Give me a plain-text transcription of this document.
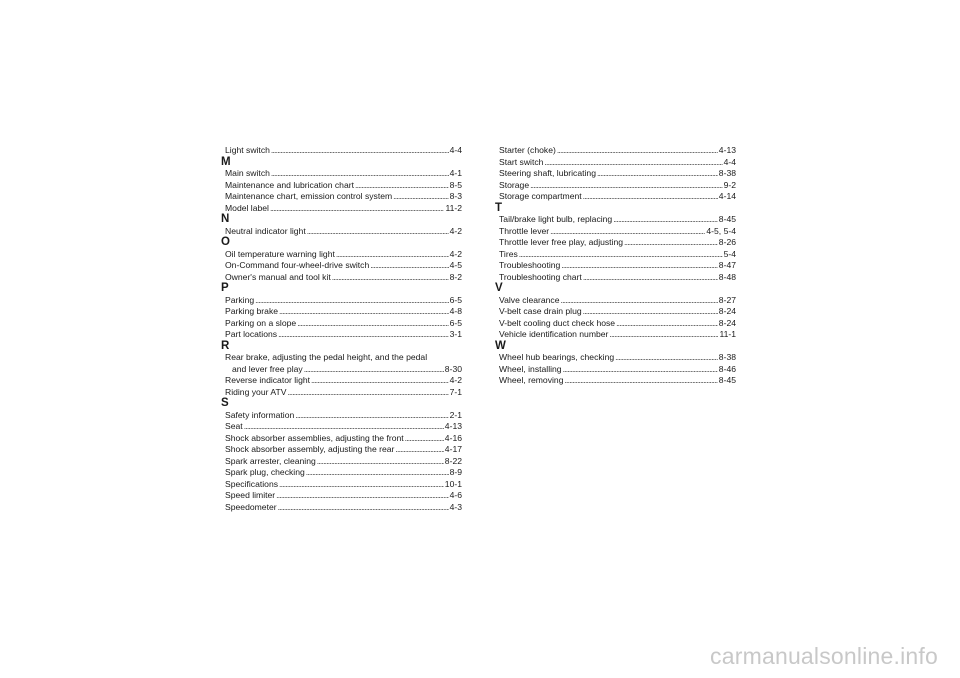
Light switch . . .	4-4
M
Main switch . . .	4-1
Maintenance and lubrication chart . . .	8-5
Maintenance chart, emission control system . . .	8-3
Model label . . .	11-2
N
Neutral indicator light . . .	4-2
O
Oil temperature warning light . . .	4-2
On-Command four-wheel-drive switch . . .	4-5
Owner's manual and tool kit . . .	8-2
P
Parking . . .	6-5
Parking brake . . .	4-8
Parking on a slope . . .	6-5
Part locations . . .	3-1
R
Rear brake, adjusting the pedal height, and the pedal
and lever free play . . .	8-30
Reverse indicator light . . .	4-2
Riding your ATV . . .	7-1
S
Safety information . . .	2-1
Seat . . .	4-13
Shock absorber assemblies, adjusting the front . . .	4-16
Shock absorber assembly, adjusting the rear . . .	4-17
Spark arrester, cleaning . . .	8-22
Spark plug, checking . . .	8-9
Specifications . . .	10-1
Speed limiter . . .	4-6
Speedometer . . .	4-3
Starter (choke) . . .	4-13
Start switch . . .	4-4
Steering shaft, lubricating . . .	8-38
Storage . . .	9-2
Storage compartment . . .	4-14
T
Tail/brake light bulb, replacing . . .	8-45
Throttle lever . . .	4-5, 5-4
Throttle lever free play, adjusting . . .	8-26
Tires . . .	5-4
Troubleshooting . . .	8-47
Troubleshooting chart . . .	8-48
V
Valve clearance . . .	8-27
V-belt case drain plug . . .	8-24
V-belt cooling duct check hose . . .	8-24
Vehicle identification number . . .	11-1
W
Wheel hub bearings, checking . . .	8-38
Wheel, installing . . .	8-46
Wheel, removing . . .	8-45
carmanualsonline.info
